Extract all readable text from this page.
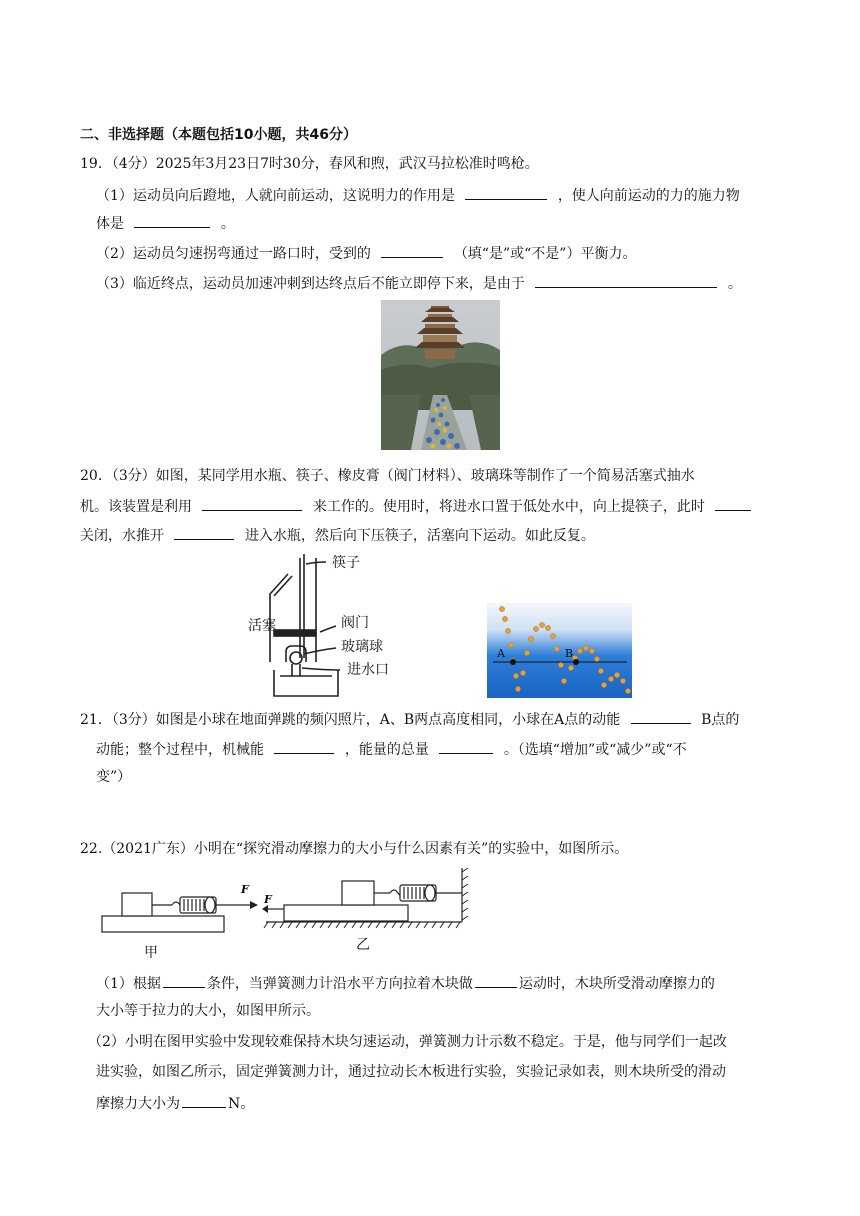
二、非选择题（本题包括10小题，共46分）
19．（4分）2025年3月23日7时30分，春风和煦，武汉马拉松准时鸣枪。
（1）运动员向后蹬地，人就向前运动，这说明力的作用是	，使人向前运动的力的施力物
体是	。
（2）运动员匀速拐弯通过一路口时，受到的	（填“是”或“不是”）平衡力。
（3）临近终点，运动员加速冲刺到达终点后不能立即停下来，是由于	。
20．（3分）如图，某同学用水瓶、筷子、橡皮膏（阀门材料）、玻璃珠等制作了一个简易活塞式抽水
机。该装置是利用	来工作的。使用时，将进水口置于低处水中，向上提筷子，此时
关闭，水推开	进入水瓶，然后向下压筷子，活塞向下运动。如此反复。
筷子
活塞	阀门
玻璃球
进水口
A	B
21．（3分）如图是小球在地面弹跳的频闪照片，A、B两点高度相同，小球在A点的动能	B点的
动能；整个过程中，机械能	，能量的总量	。（选填“增加”或“减少”或“不
变”）
22.（2021广东）小明在“探究滑动摩擦力的大小与什么因素有关”的实验中，如图所示。
F
甲
F
乙
（1）根据	条件，当弹簧测力计沿水平方向拉着木块做	运动时，木块所受滑动摩擦力的
大小等于拉力的大小，如图甲所示。
（2）小明在图甲实验中发现较难保持木块匀速运动，弹簧测力计示数不稳定。于是，他与同学们一起改
进实验，如图乙所示，固定弹簧测力计，通过拉动长木板进行实验，实验记录如表，则木块所受的滑动
摩擦力大小为	N。
